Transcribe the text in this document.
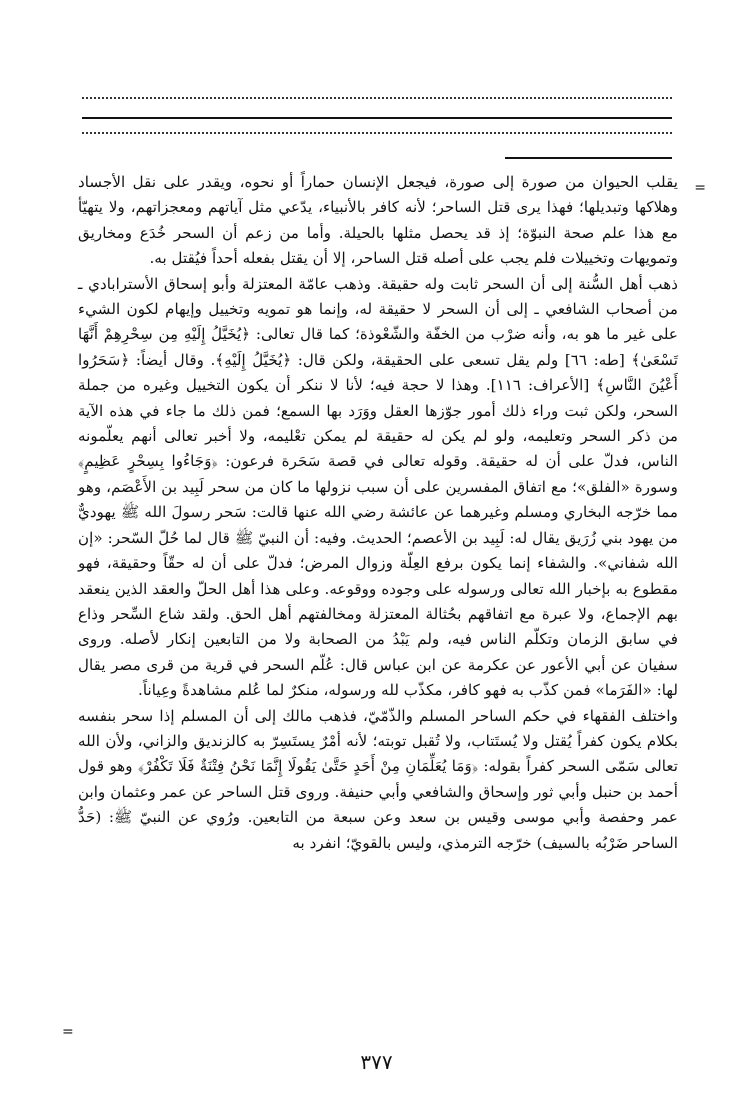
=

يقلب الحيوان من صورة إلى صورة، فيجعل الإنسان حماراً أو نحوه، ويقدر على نقل الأجساد وهلاكها وتبديلها؛ فهذا يرى قتل الساحر؛ لأنه كافر بالأنبياء، يدّعي مثل آياتهم ومعجزاتهم، ولا يتهيّأ مع هذا علم صحة النبوّة؛ إذ قد يحصل مثلها بالحيلة. وأما من زعم أن السحر خُدَع ومخاريق وتمويهات وتخييلات فلم يجب على أصله قتل الساحر، إلا أن يقتل بفعله أحداً فيُقتل به.

ذهب أهل السُّنة إلى أن السحر ثابت وله حقيقة. وذهب عامّة المعتزلة وأبو إسحاق الأسترابادي ـ من أصحاب الشافعي ـ إلى أن السحر لا حقيقة له، وإنما هو تمويه وتخييل وإيهام لكون الشيء على غير ما هو به، وأنه ضرْب من الخفّة والشّعْوذة؛ كما قال تعالى: ﴿يُخَيَّلُ إِلَيْهِ مِن سِحْرِهِمْ أَنَّهَا تَسْعَىٰ﴾ [طه: ٦٦] ولم يقل تسعى على الحقيقة، ولكن قال: ﴿يُخَيَّلُ إِلَيْهِ﴾. وقال أيضاً: ﴿سَحَرُوا أَعْيُنَ النَّاسِ﴾ [الأعراف: ١١٦]. وهذا لا حجة فيه؛ لأنا لا ننكر أن يكون التخييل وغيره من جملة السحر، ولكن ثبت وراء ذلك أمور جوّزها العقل ووَرَد بها السمع؛ فمن ذلك ما جاء في هذه الآية من ذكر السحر وتعليمه، ولو لم يكن له حقيقة لم يمكن تعْليمه، ولا أخبر تعالى أنهم يعلّمونه الناس، فدلّ على أن له حقيقة. وقوله تعالى في قصة سَحَرة فرعون: ﴿وَجَاءُوا بِسِحْرٍ عَظِيمٍ﴾ وسورة «الفلق»؛ مع اتفاق المفسرين على أن سبب نزولها ما كان من سحر لَبِيد بن الأَعْصَم، وهو مما خرّجه البخاري ومسلم وغيرهما عن عائشة رضي الله عنها قالت: سَحر رسولَ الله ﷺ يهوديٌّ من يهود بني زُرَيق يقال له: لَبِيد بن الأعصم؛ الحديث. وفيه: أن النبيّ ﷺ قال لما حُلّ السّحر: «إن الله شفاني». والشفاء إنما يكون برفع العِلّة وزوال المرض؛ فدلّ على أن له حقّاً وحقيقة، فهو مقطوع به بإخبار الله تعالى ورسوله على وجوده ووقوعه. وعلى هذا أهل الحلّ والعقد الذين ينعقد بهم الإجماع، ولا عبرة مع اتفاقهم بحُثالة المعتزلة ومخالفتهم أهل الحق. ولقد شاع السِّحر وذاع في سابق الزمان وتكلّم الناس فيه، ولم يَبْدُ من الصحابة ولا من التابعين إنكار لأصله. وروى سفيان عن أبي الأعور عن عكرمة عن ابن عباس قال: عُلّم السحر في قرية من قرى مصر يقال لها: «الفَرَما» فمن كذّب به فهو كافر، مكذّب لله ورسوله، منكرٌ لما عُلم مشاهدةً وعِياناً.

واختلف الفقهاء في حكم الساحر المسلم والذّمّيّ، فذهب مالك إلى أن المسلم إذا سحر بنفسه بكلام يكون كفراً يُقتل ولا يُستَتاب، ولا تُقبل توبته؛ لأنه أمْرٌ يستَسِرّ به كالزنديق والزاني، ولأن الله تعالى سَمّى السحر كفراً بقوله: ﴿وَمَا يُعَلِّمَانِ مِنْ أَحَدٍ حَتَّىٰ يَقُولَا إِنَّمَا نَحْنُ فِتْنَةٌ فَلَا تَكْفُرْ﴾ وهو قول أحمد بن حنبل وأبي ثور وإسحاق والشافعي وأبي حنيفة. وروى قتل الساحر عن عمر وعثمان وابن عمر وحفصة وأبي موسى وقيس بن سعد وعن سبعة من التابعين. ورُوي عن النبيّ ﷺ: (حَدُّ الساحر ضَرْبُه بالسيف) خرّجه الترمذي، وليس بالقويّ؛ انفرد به

=
٣٧٧
